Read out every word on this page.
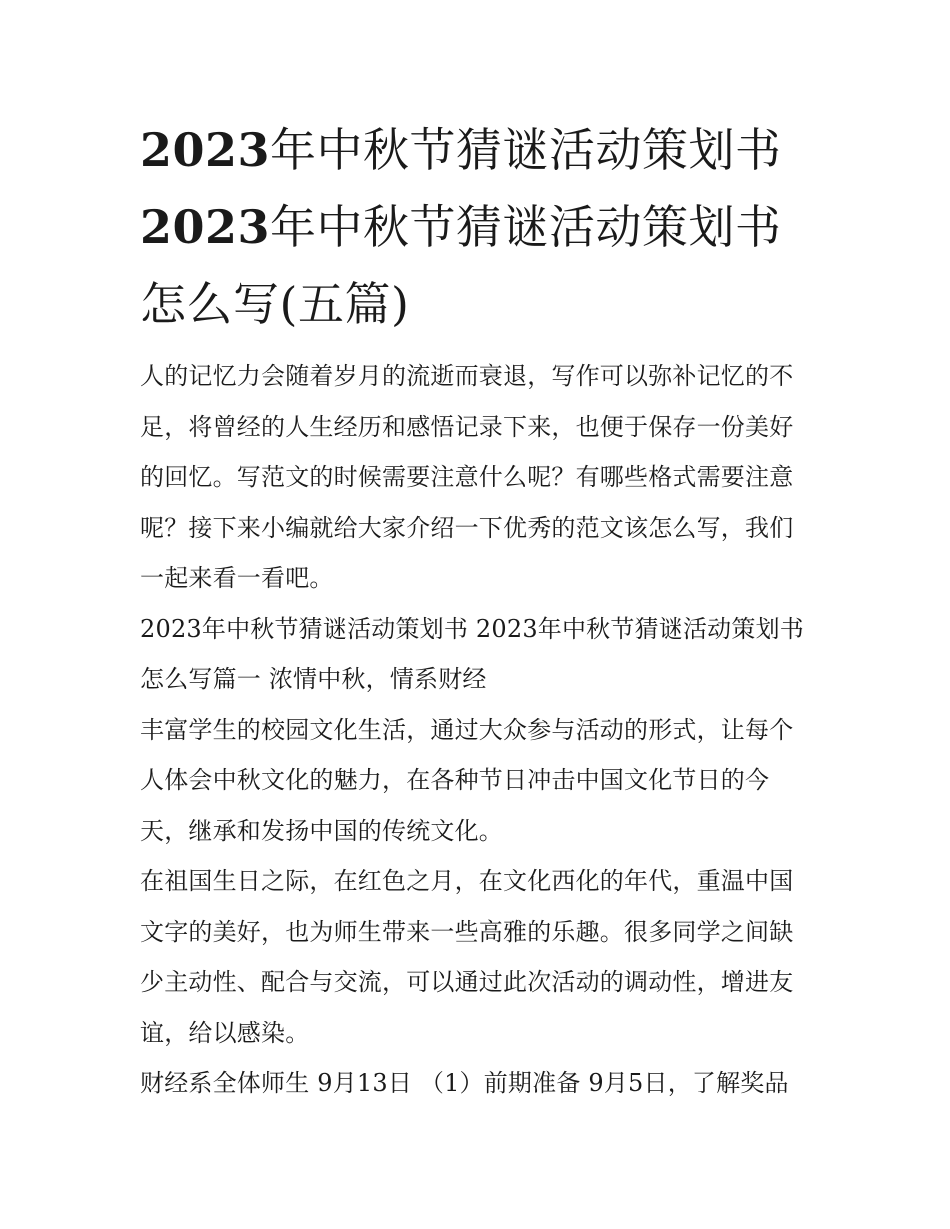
2023年中秋节猜谜活动策划书
2023年中秋节猜谜活动策划书
怎么写(五篇)

人的记忆力会随着岁月的流逝而衰退，写作可以弥补记忆的不
足，将曾经的人生经历和感悟记录下来，也便于保存一份美好
的回忆。写范文的时候需要注意什么呢？有哪些格式需要注意
呢？接下来小编就给大家介绍一下优秀的范文该怎么写，我们
一起来看一看吧。

2023年中秋节猜谜活动策划书 2023年中秋节猜谜活动策划书
怎么写篇一 浓情中秋，情系财经

丰富学生的校园文化生活，通过大众参与活动的形式，让每个
人体会中秋文化的魅力，在各种节日冲击中国文化节日的今
天，继承和发扬中国的传统文化。

在祖国生日之际，在红色之月，在文化西化的年代，重温中国
文字的美好，也为师生带来一些高雅的乐趣。很多同学之间缺
少主动性、配合与交流，可以通过此次活动的调动性，增进友
谊，给以感染。

财经系全体师生 9月13日 （1）前期准备 9月5日，了解奖品
